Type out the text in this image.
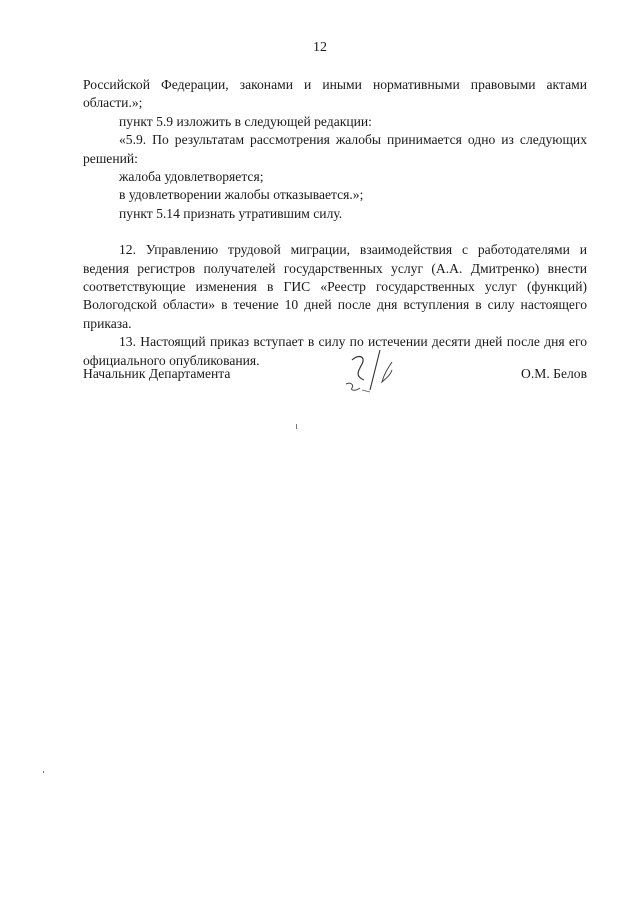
12

Российской Федерации, законами и иными нормативными правовыми актами области.»;

пункт 5.9 изложить в следующей редакции:

«5.9. По результатам рассмотрения жалобы принимается одно из следующих решений:

жалоба удовлетворяется;

в удовлетворении жалобы отказывается.»;

пункт 5.14 признать утратившим силу.

12. Управлению трудовой миграции, взаимодействия с работодателями и ведения регистров получателей государственных услуг (А.А. Дмитренко) внести соответствующие изменения в ГИС «Реестр государственных услуг (функций) Вологодской области» в течение 10 дней после дня вступления в силу настоящего приказа.

13. Настоящий приказ вступает в силу по истечении десяти дней после дня его официального опубликования.

Начальник Департамента	О.М. Белов
